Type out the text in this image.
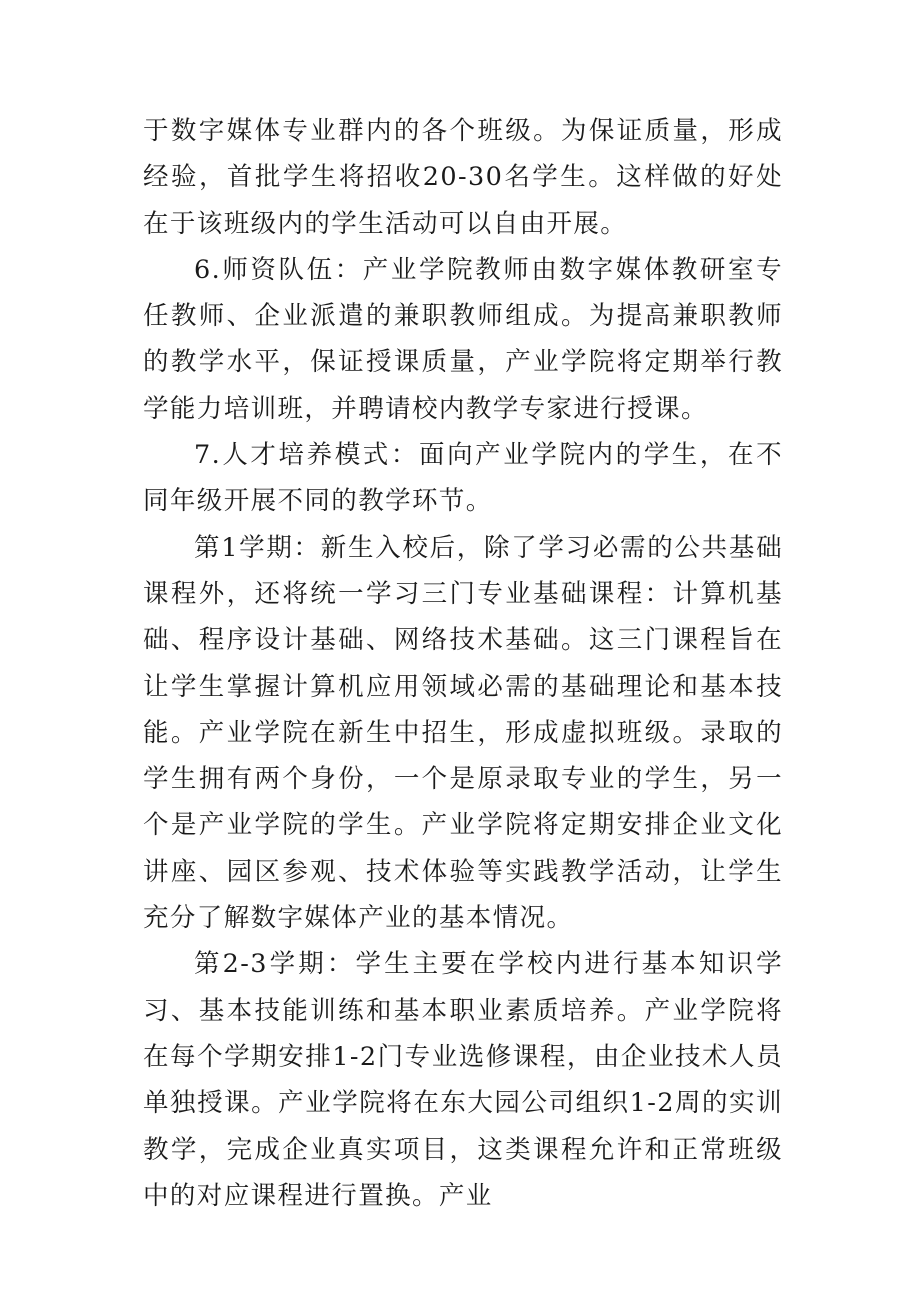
于数字媒体专业群内的各个班级。为保证质量，形成经验，首批学生将招收20-30名学生。这样做的好处在于该班级内的学生活动可以自由开展。

6.师资队伍：产业学院教师由数字媒体教研室专任教师、企业派遣的兼职教师组成。为提高兼职教师的教学水平，保证授课质量，产业学院将定期举行教学能力培训班，并聘请校内教学专家进行授课。

7.人才培养模式：面向产业学院内的学生，在不同年级开展不同的教学环节。

第1学期：新生入校后，除了学习必需的公共基础课程外，还将统一学习三门专业基础课程：计算机基础、程序设计基础、网络技术基础。这三门课程旨在让学生掌握计算机应用领域必需的基础理论和基本技能。产业学院在新生中招生，形成虚拟班级。录取的学生拥有两个身份，一个是原录取专业的学生，另一个是产业学院的学生。产业学院将定期安排企业文化讲座、园区参观、技术体验等实践教学活动，让学生充分了解数字媒体产业的基本情况。

第2-3学期：学生主要在学校内进行基本知识学习、基本技能训练和基本职业素质培养。产业学院将在每个学期安排1-2门专业选修课程，由企业技术人员单独授课。产业学院将在东大园公司组织1-2周的实训教学，完成企业真实项目，这类课程允许和正常班级中的对应课程进行置换。产业
